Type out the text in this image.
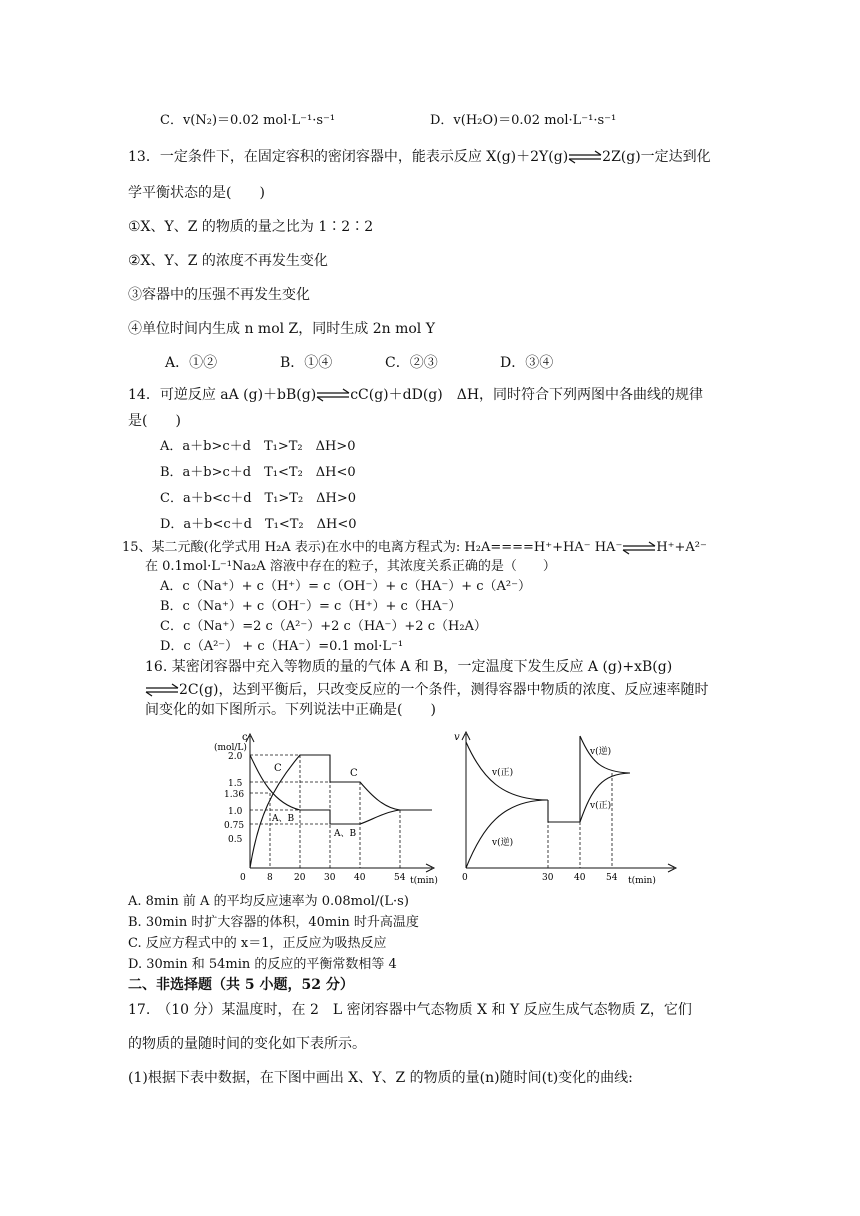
C．v(N₂)＝0.02 mol·L⁻¹·s⁻¹	D．v(H₂O)＝0.02 mol·L⁻¹·s⁻¹
13．一定条件下，在固定容积的密闭容器中，能表示反应 X(g)＋2Y(g)⇌2Z(g)一定达到化
学平衡状态的是(　　)
①X、Y、Z 的物质的量之比为 1∶2∶2
②X、Y、Z 的浓度不再发生变化
③容器中的压强不再发生变化
④单位时间内生成 n mol Z，同时生成 2n mol Y
A．①②	B．①④	C．②③	D．③④
14．可逆反应 aA (g)＋bB(g)⇌cC(g)＋dD(g)　ΔH，同时符合下列两图中各曲线的规律
是(　　)
A．a＋b>c＋d　T₁>T₂　ΔH>0
B．a＋b>c＋d　T₁<T₂　ΔH<0
C．a＋b<c＋d　T₁>T₂　ΔH>0
D．a＋b<c＋d　T₁<T₂　ΔH<0
15、某二元酸(化学式用 H₂A 表示)在水中的电离方程式为: H₂A====H⁺+HA⁻ HA⁻⇌H⁺+A²⁻
在 0.1mol·L⁻¹Na₂A 溶液中存在的粒子，其浓度关系正确的是（　　）
A．c（Na⁺）+ c（H⁺）= c（OH⁻）+ c（HA⁻）+ c（A²⁻）
B．c（Na⁺）+ c（OH⁻）= c（H⁺）+ c（HA⁻）
C．c（Na⁺）=2 c（A²⁻）+2 c（HA⁻）+2 c（H₂A）
D．c（A²⁻） + c（HA⁻）=0.1 mol·L⁻¹
16. 某密闭容器中充入等物质的量的气体 A 和 B，一定温度下发生反应 A (g)+xB(g)
⇌2C(g)，达到平衡后，只改变反应的一个条件，测得容器中物质的浓度、反应速率随时
间变化的如下图所示。下列说法中正确是(　　)
c
(mol/L)
2.0
1.5
1.36
1.0
0.75
0.5
0 8 20 30 40	54 t(min)
C	C
A、B
A、B
v
v(正)
v(逆)
v(逆)
v(正)
0	30 40 54 t(min)
A. 8min 前 A 的平均反应速率为 0.08mol/(L·s)
B. 30min 时扩大容器的体积，40min 时升高温度
C. 反应方程式中的 x＝1，正反应为吸热反应
D. 30min 和 54min 的反应的平衡常数相等 4
二、非选择题（共 5 小题，52 分）
17.　（10 分）某温度时，在 2　L 密闭容器中气态物质 X 和 Y 反应生成气态物质 Z，它们
的物质的量随时间的变化如下表所示。
(1)根据下表中数据，在下图中画出 X、Y、Z 的物质的量(n)随时间(t)变化的曲线:
